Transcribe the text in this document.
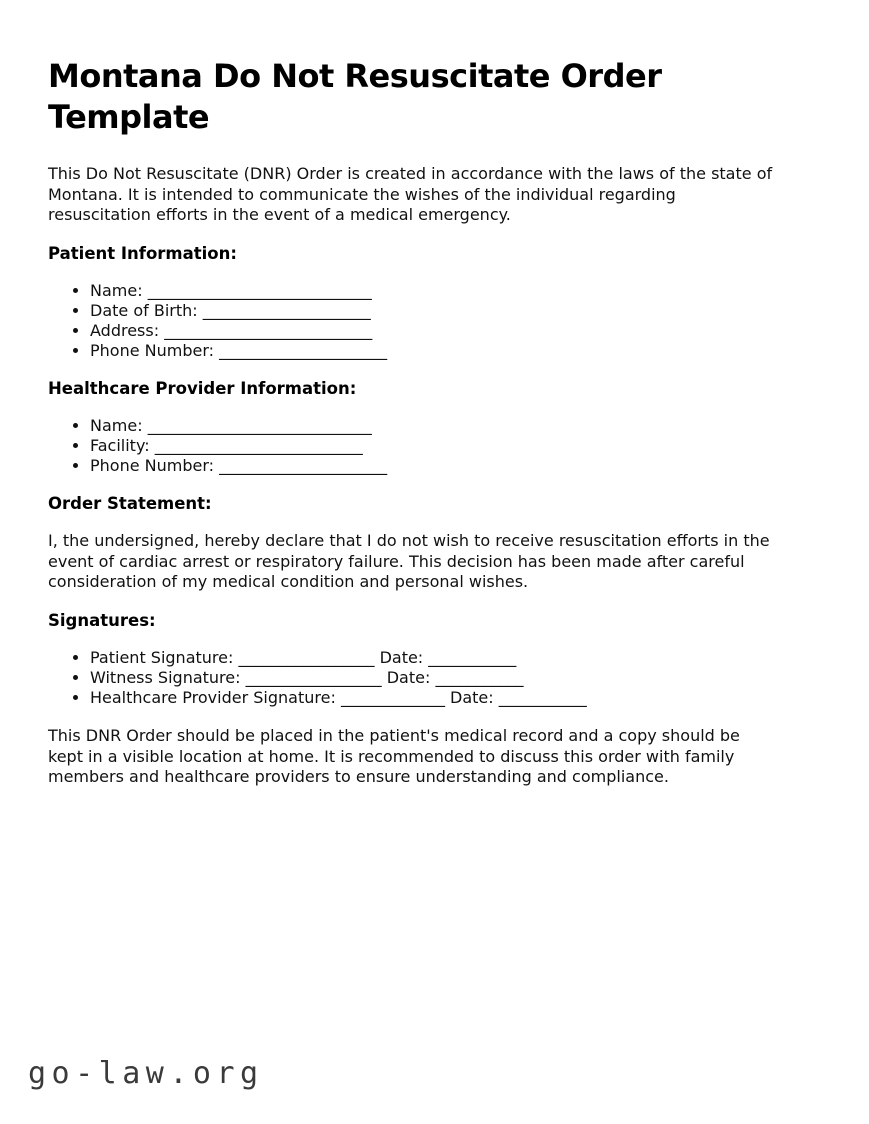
Montana Do Not Resuscitate Order Template

This Do Not Resuscitate (DNR) Order is created in accordance with the laws of the state of Montana. It is intended to communicate the wishes of the individual regarding resuscitation efforts in the event of a medical emergency.

Patient Information:
• Name: ____________________________
• Date of Birth: _____________________
• Address: __________________________
• Phone Number: _____________________
Healthcare Provider Information:
• Name: ____________________________
• Facility: __________________________
• Phone Number: _____________________
Order Statement:

I, the undersigned, hereby declare that I do not wish to receive resuscitation efforts in the event of cardiac arrest or respiratory failure. This decision has been made after careful consideration of my medical condition and personal wishes.

Signatures:
• Patient Signature: _________________ Date: ___________
• Witness Signature: _________________ Date: ___________
• Healthcare Provider Signature: _____________ Date: ___________

This DNR Order should be placed in the patient's medical record and a copy should be kept in a visible location at home. It is recommended to discuss this order with family members and healthcare providers to ensure understanding and compliance.

go-law.org
